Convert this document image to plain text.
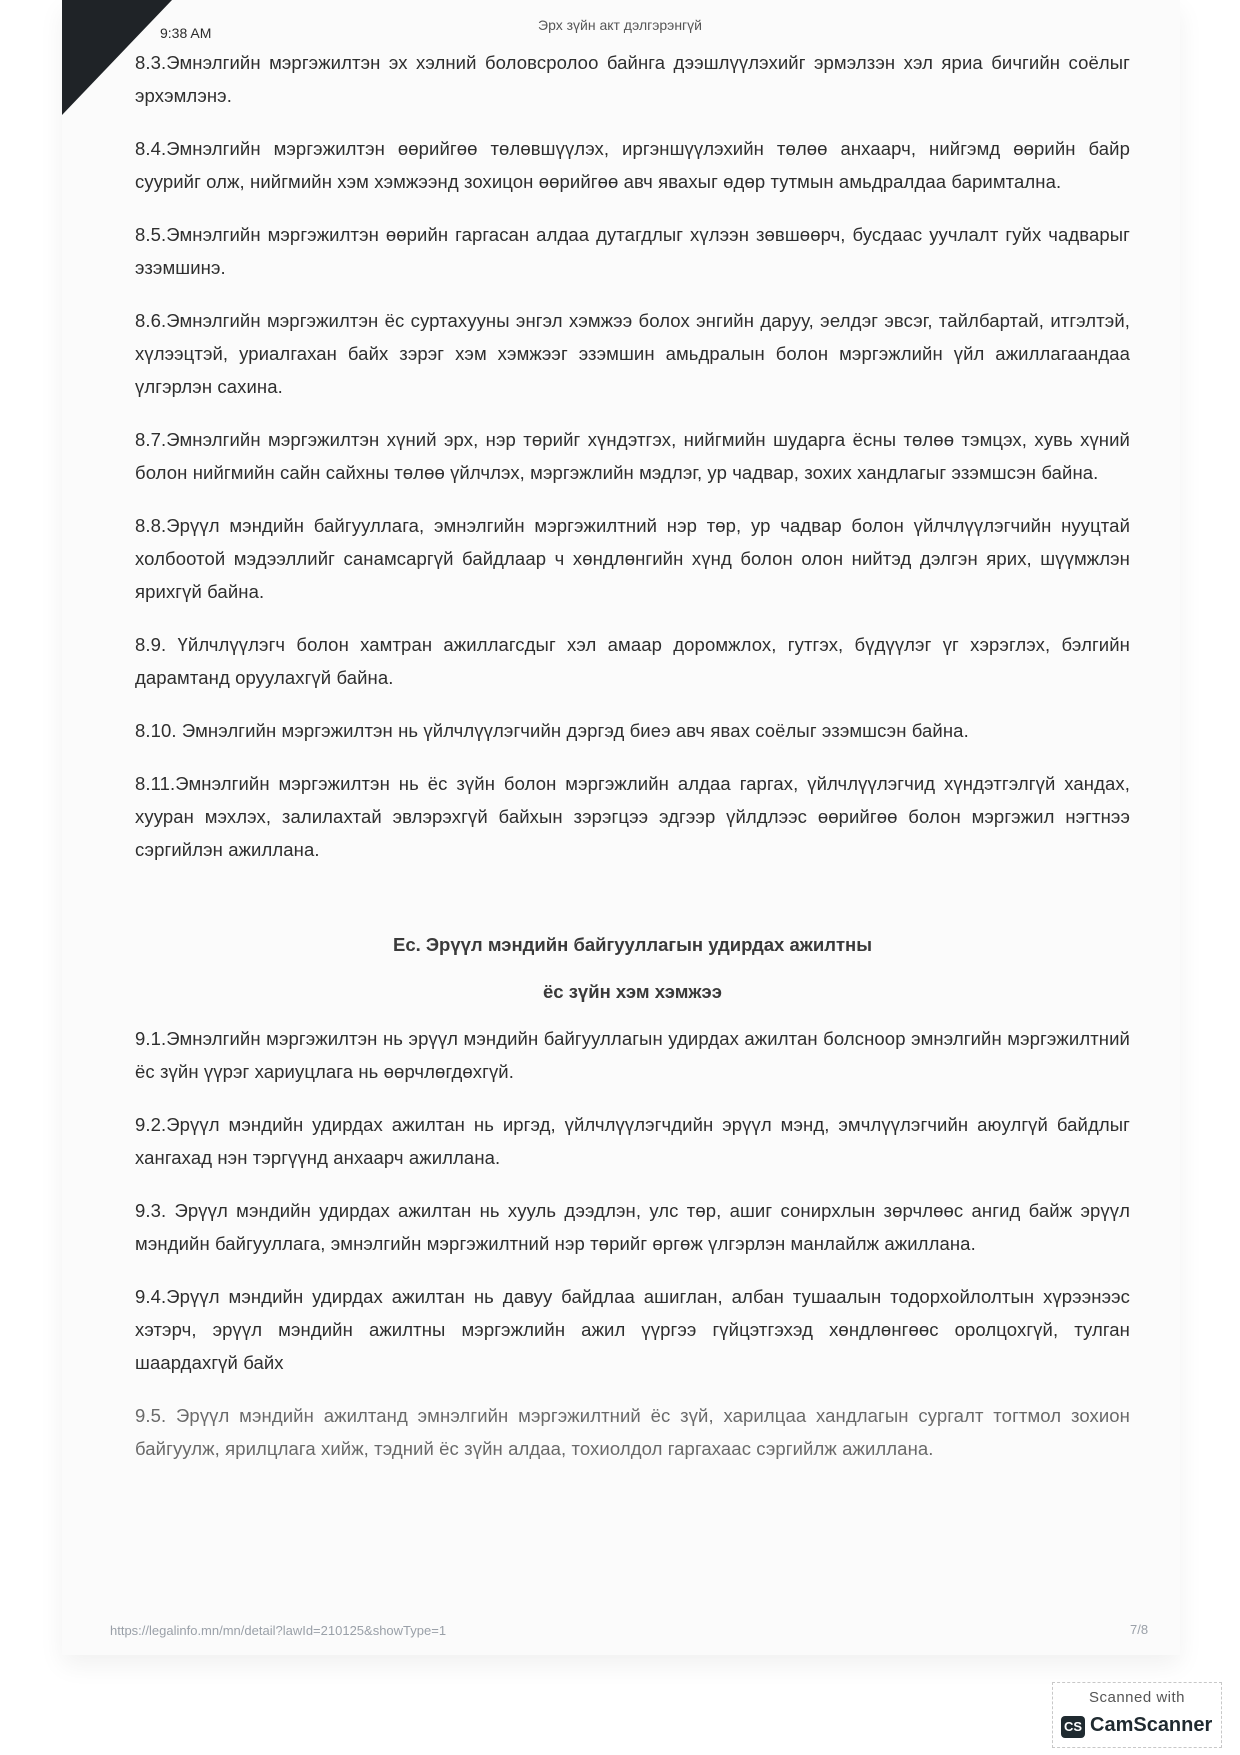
9:38 AM	Эрх зүйн акт дэлгэрэнгүй

8.3.Эмнэлгийн мэргэжилтэн эх хэлний боловсролоо байнга дээшлүүлэхийг эрмэлзэн хэл яриа бичгийн соёлыг эрхэмлэнэ.

8.4.Эмнэлгийн мэргэжилтэн өөрийгөө төлөвшүүлэх, иргэншүүлэхийн төлөө анхаарч, нийгэмд өөрийн байр суурийг олж, нийгмийн хэм хэмжээнд зохицон өөрийгөө авч явахыг өдөр тутмын амьдралдаа баримтална.

8.5.Эмнэлгийн мэргэжилтэн өөрийн гаргасан алдаа дутагдлыг хүлээн зөвшөөрч, бусдаас уучлалт гуйх чадварыг эзэмшинэ.

8.6.Эмнэлгийн мэргэжилтэн ёс суртахууны энгэл хэмжээ болох энгийн даруу, эелдэг эвсэг, тайлбартай, итгэлтэй, хүлээцтэй, уриалгахан байх зэрэг хэм хэмжээг эзэмшин амьдралын болон мэргэжлийн үйл ажиллагаандаа үлгэрлэн сахина.

8.7.Эмнэлгийн мэргэжилтэн хүний эрх, нэр төрийг хүндэтгэх, нийгмийн шударга ёсны төлөө тэмцэх, хувь хүний болон нийгмийн сайн сайхны төлөө үйлчлэх, мэргэжлийн мэдлэг, ур чадвар, зохих хандлагыг эзэмшсэн байна.

8.8.Эрүүл мэндийн байгууллага, эмнэлгийн мэргэжилтний нэр төр, ур чадвар болон үйлчлүүлэгчийн нууцтай холбоотой мэдээллийг санамсаргүй байдлаар ч хөндлөнгийн хүнд болон олон нийтэд дэлгэн ярих, шүүмжлэн ярихгүй байна.

8.9. Үйлчлүүлэгч болон хамтран ажиллагсдыг хэл амаар доромжлох, гутгэх, бүдүүлэг үг хэрэглэх, бэлгийн дарамтанд оруулахгүй байна.

8.10. Эмнэлгийн мэргэжилтэн нь үйлчлүүлэгчийн дэргэд биеэ авч явах соёлыг эзэмшсэн байна.

8.11.Эмнэлгийн мэргэжилтэн нь ёс зүйн болон мэргэжлийн алдаа гаргах, үйлчлүүлэгчид хүндэтгэлгүй хандах, хууран мэхлэх, залилахтай эвлэрэхгүй байхын зэрэгцээ эдгээр үйлдлээс өөрийгөө болон мэргэжил нэгтнээ сэргийлэн ажиллана.

Ес. Эрүүл мэндийн байгууллагын удирдах ажилтны

ёс зүйн хэм хэмжээ

9.1.Эмнэлгийн мэргэжилтэн нь эрүүл мэндийн байгууллагын удирдах ажилтан болсноор эмнэлгийн мэргэжилтний ёс зүйн үүрэг хариуцлага нь өөрчлөгдөхгүй.

9.2.Эрүүл мэндийн удирдах ажилтан нь иргэд, үйлчлүүлэгчдийн эрүүл мэнд, эмчлүүлэгчийн аюулгүй байдлыг хангахад нэн тэргүүнд анхаарч ажиллана.

9.3. Эрүүл мэндийн удирдах ажилтан нь хууль дээдлэн, улс төр, ашиг сонирхлын зөрчлөөс ангид байж эрүүл мэндийн байгууллага, эмнэлгийн мэргэжилтний нэр төрийг өргөж үлгэрлэн манлайлж ажиллана.

9.4.Эрүүл мэндийн удирдах ажилтан нь давуу байдлаа ашиглан, албан тушаалын тодорхойлолтын хүрээнээс хэтэрч, эрүүл мэндийн ажилтны мэргэжлийн ажил үүргээ гүйцэтгэхэд хөндлөнгөөс оролцохгүй, тулган шаардахгүй байх

9.5. Эрүүл мэндийн ажилтанд эмнэлгийн мэргэжилтний ёс зүй, харилцаа хандлагын сургалт тогтмол зохион байгуулж, ярилцлага хийж, тэдний ёс зүйн алдаа, тохиолдол гаргахаас сэргийлж ажиллана.

https://legalinfo.mn/mn/detail?lawId=210125&showType=1	7/8
Scanned with
CS CamScanner
